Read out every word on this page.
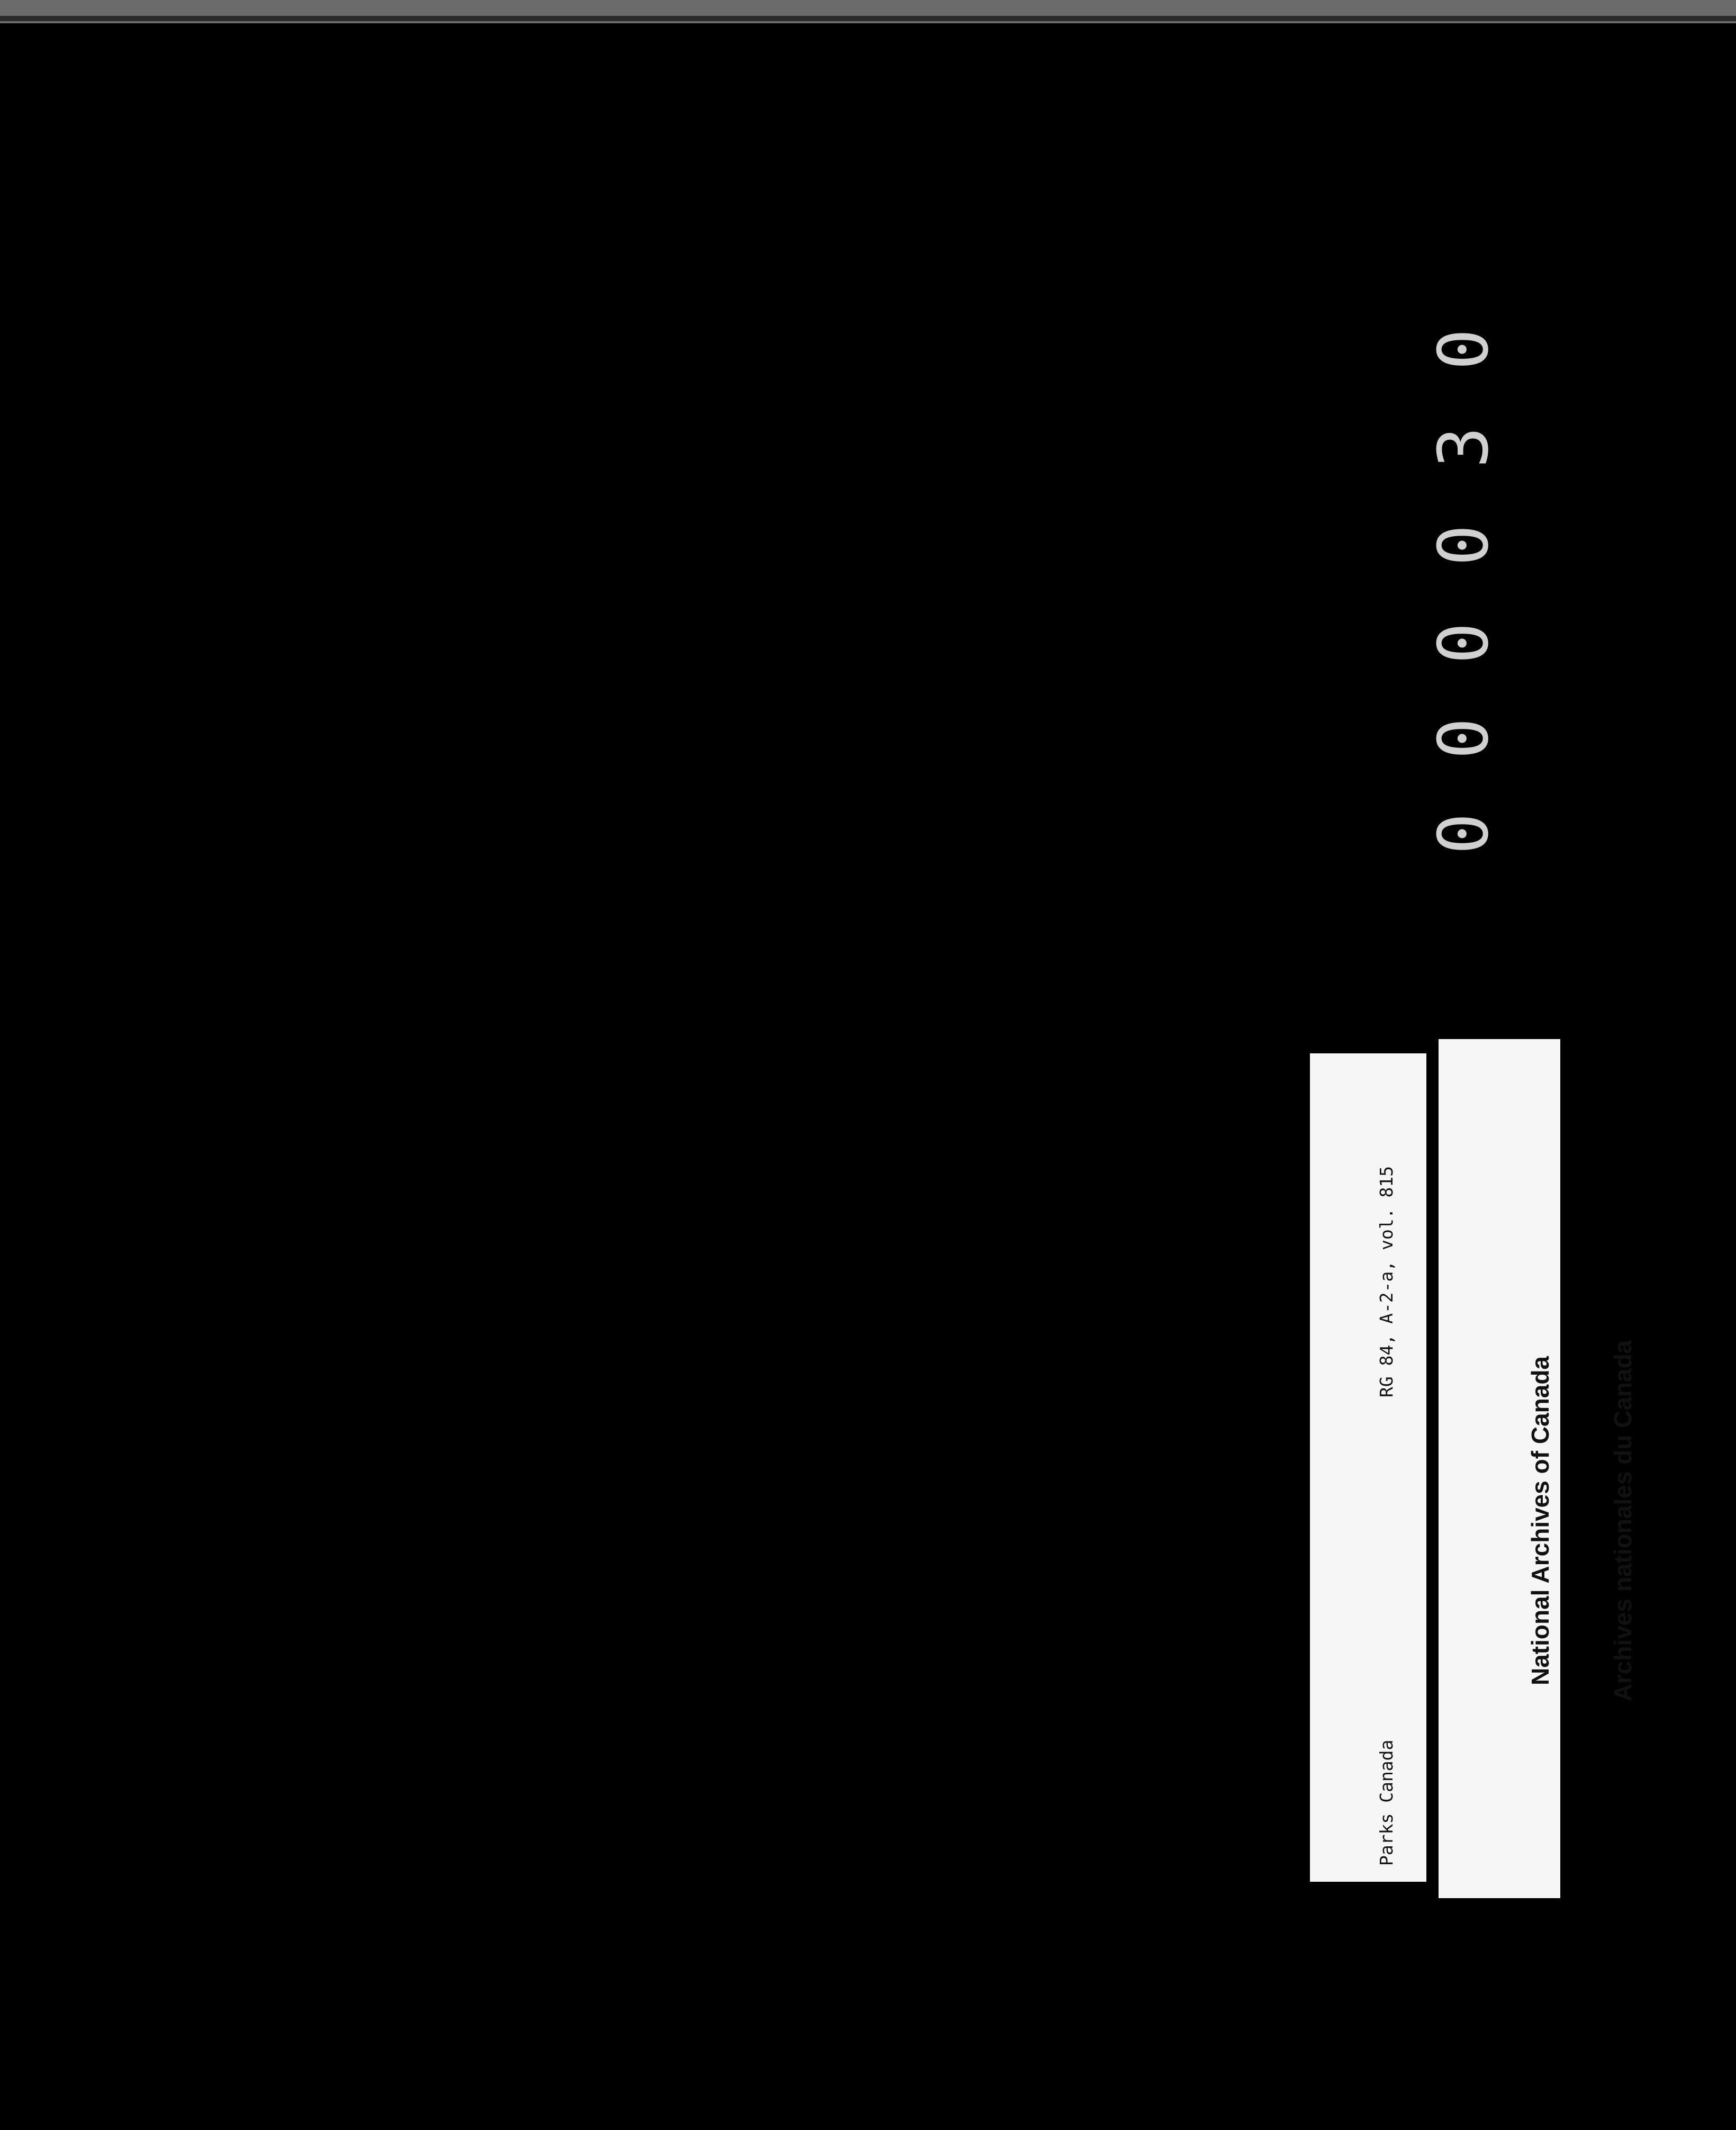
Parks Canada

RG 84, A-2-a, vol. 815

National Archives of Canada

Archives nationales du Canada

0
0
0
0
3
0
